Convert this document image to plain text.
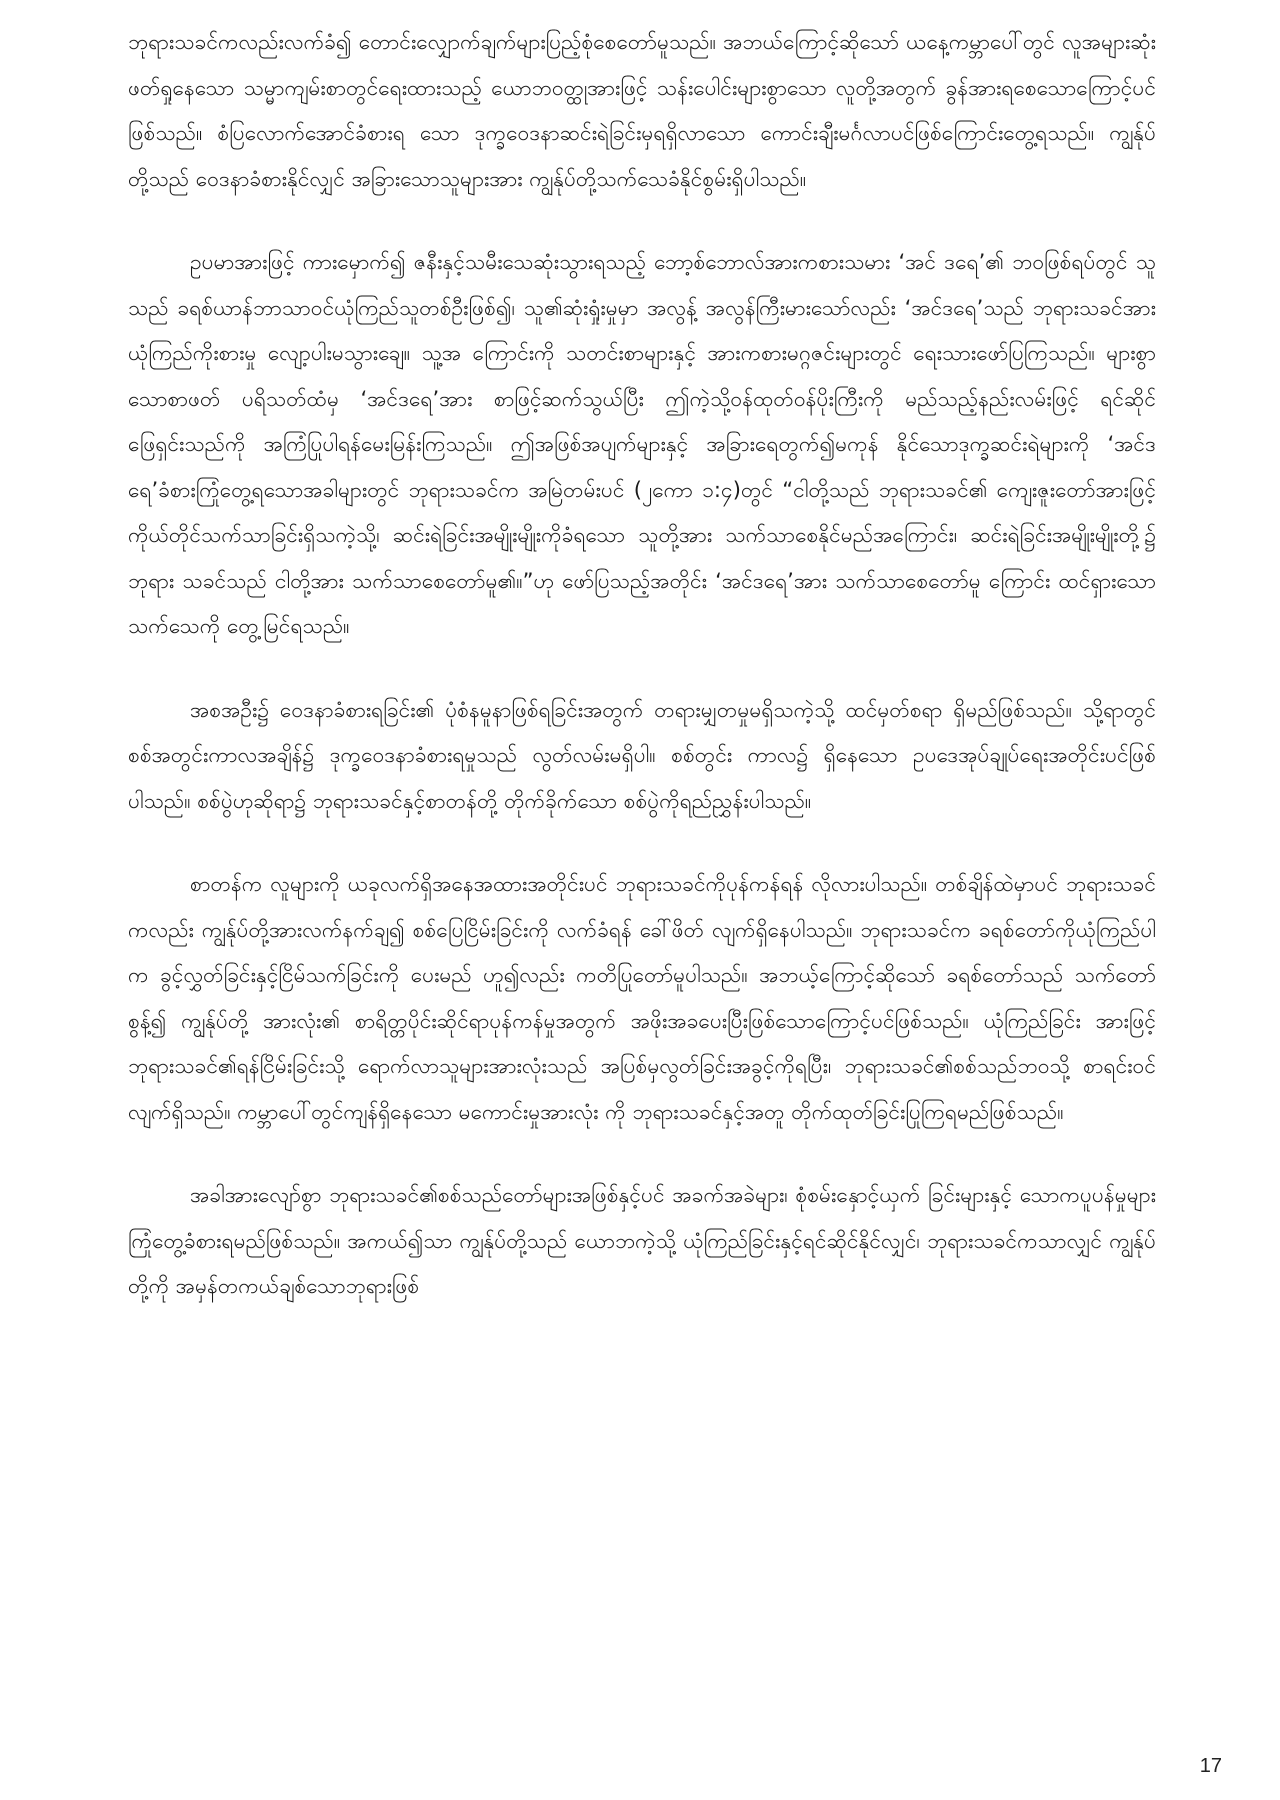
ဘုရားသခင်ကလည်းလက်ခံ၍ တောင်းလျှောက်ချက်များပြည့်စုံစေတော်မူသည်။ အဘယ်ကြောင့်ဆိုသော် ယနေ့ကမ္ဘာပေါ်တွင် လူအများဆုံးဖတ်ရှုနေသော သမ္မာကျမ်းစာတွင်ရေးထားသည့် ယောဘဝတ္ထုအားဖြင့် သန်းပေါင်းများစွာသော လူတို့အတွက် ခွန်အားရစေသောကြောင့်ပင်ဖြစ်သည်။ စံပြလောက်အောင်ခံစားရ သော ဒုက္ခဝေဒနာဆင်းရဲခြင်းမှရရှိလာသော ကောင်းချီးမင်္ဂလာပင်ဖြစ်ကြောင်းတွေ့ရသည်။ ကျွန်ုပ်တို့သည် ဝေဒနာခံစားနိုင်လျှင် အခြားသောသူများအား ကျွန်ုပ်တို့သက်သေခံနိုင်စွမ်းရှိပါသည်။

ဥပမာအားဖြင့် ကားမှောက်၍ ဇနီးနှင့်သမီးသေဆုံးသွားရသည့် ဘော့စ်ဘောလ်အားကစားသမား ‘အင် ဒရေ’၏ ဘဝဖြစ်ရပ်တွင် သူသည် ခရစ်ယာန်ဘာသာဝင်ယုံကြည်သူတစ်ဦးဖြစ်၍၊ သူ၏ဆုံးရှုံးမှုမှာ အလွန့် အလွန်ကြီးမားသော်လည်း ‘အင်ဒရေ’သည် ဘုရားသခင်အား ယုံကြည်ကိုးစားမှု လျော့ပါးမသွားချေ။ သူ့အ ကြောင်းကို သတင်းစာများနှင့် အားကစားမဂ္ဂဇင်းများတွင် ရေးသားဖော်ပြကြသည်။ များစွာသောစာဖတ် ပရိသတ်ထံမှ ‘အင်ဒရေ’အား စာဖြင့်ဆက်သွယ်ပြီး ဤကဲ့သို့ဝန်ထုတ်ဝန်ပိုးကြီးကို မည်သည့်နည်းလမ်းဖြင့် ရင်ဆိုင်ဖြေရှင်းသည်ကို အကြံပြုပါရန်မေးမြန်းကြသည်။ ဤအဖြစ်အပျက်များနှင့် အခြားရေတွက်၍မကုန် နိုင်သောဒုက္ခဆင်းရဲများကို ‘အင်ဒရေ’ခံစားကြုံတွေ့ရသောအခါများတွင် ဘုရားသခင်က အမြဲတမ်းပင် (၂ကော ၁:၄)တွင် “ငါတို့သည် ဘုရားသခင်၏ ကျေးဇူးတော်အားဖြင့် ကိုယ်တိုင်သက်သာခြင်းရှိသကဲ့သို့၊ ဆင်းရဲခြင်းအမျိုးမျိုးကိုခံရသော သူတို့အား သက်သာစေနိုင်မည်အကြောင်း၊ ဆင်းရဲခြင်းအမျိုးမျိုးတို့၌ ဘုရား သခင်သည် ငါတို့အား သက်သာစေတော်မူ၏။”ဟု ဖော်ပြသည့်အတိုင်း ‘အင်ဒရေ’အား သက်သာစေတော်မူ ကြောင်း ထင်ရှားသောသက်သေကို တွေ့မြင်ရသည်။

အစအဦး၌ ဝေဒနာခံစားရခြင်း၏ ပုံစံနမူနာဖြစ်ရခြင်းအတွက် တရားမျှတမှုမရှိသကဲ့သို့ ထင်မှတ်စရာ ရှိမည်ဖြစ်သည်။ သို့ရာတွင် စစ်အတွင်းကာလအချိန်၌ ဒုက္ခဝေဒနာခံစားရမှုသည် လွတ်လမ်းမရှိပါ။ စစ်တွင်း ကာလ၌ ရှိနေသော ဥပဒေအုပ်ချုပ်ရေးအတိုင်းပင်ဖြစ်ပါသည်။ စစ်ပွဲဟုဆိုရာ၌ ဘုရားသခင်နှင့်စာတန်တို့ တိုက်ခိုက်သော စစ်ပွဲကိုရည်ညွှန်းပါသည်။

စာတန်က လူများကို ယခုလက်ရှိအနေအထားအတိုင်းပင် ဘုရားသခင်ကိုပုန်ကန်ရန် လိုလားပါသည်။ တစ်ချိန်ထဲမှာပင် ဘုရားသခင်ကလည်း ကျွန်ုပ်တို့အားလက်နက်ချ၍ စစ်ပြေငြိမ်းခြင်းကို လက်ခံရန် ခေါ်ဖိတ် လျက်ရှိနေပါသည်။ ဘုရားသခင်က ခရစ်တော်ကိုယုံကြည်ပါက ခွင့်လွှတ်ခြင်းနှင့်ငြိမ်သက်ခြင်းကို ပေးမည် ဟူ၍လည်း ကတိပြုတော်မူပါသည်။ အဘယ့်ကြောင့်ဆိုသော် ခရစ်တော်သည် သက်တော်စွန့်၍ ကျွန်ုပ်တို့ အားလုံး၏ စာရိတ္တပိုင်းဆိုင်ရာပုန်ကန်မှုအတွက် အဖိုးအခပေးပြီးဖြစ်သောကြောင့်ပင်ဖြစ်သည်။ ယုံကြည်ခြင်း အားဖြင့် ဘုရားသခင်၏ရန်ငြိမ်းခြင်းသို့ ရောက်လာသူများအားလုံးသည် အပြစ်မှလွတ်ခြင်းအခွင့်ကိုရပြီး၊ ဘုရားသခင်၏စစ်သည်ဘဝသို့ စာရင်းဝင်လျက်ရှိသည်။ ကမ္ဘာပေါ်တွင်ကျန်ရှိနေသော မကောင်းမှုအားလုံး ကို ဘုရားသခင်နှင့်အတူ တိုက်ထုတ်ခြင်းပြုကြရမည်ဖြစ်သည်။

အခါအားလျော်စွာ ဘုရားသခင်၏စစ်သည်တော်များအဖြစ်နှင့်ပင် အခက်အခဲများ၊ စုံစမ်းနှောင့်ယှက် ခြင်းများနှင့် သောကပူပန်မှုများကြုံတွေ့ခံစားရမည်ဖြစ်သည်။ အကယ်၍သာ ကျွန်ုပ်တို့သည် ယောဘကဲ့သို့ ယုံကြည်ခြင်းနှင့်ရင်ဆိုင်နိုင်လျှင်၊ ဘုရားသခင်ကသာလျှင် ကျွန်ုပ်တို့ကို အမှန်တကယ်ချစ်သောဘုရားဖြစ်

17
